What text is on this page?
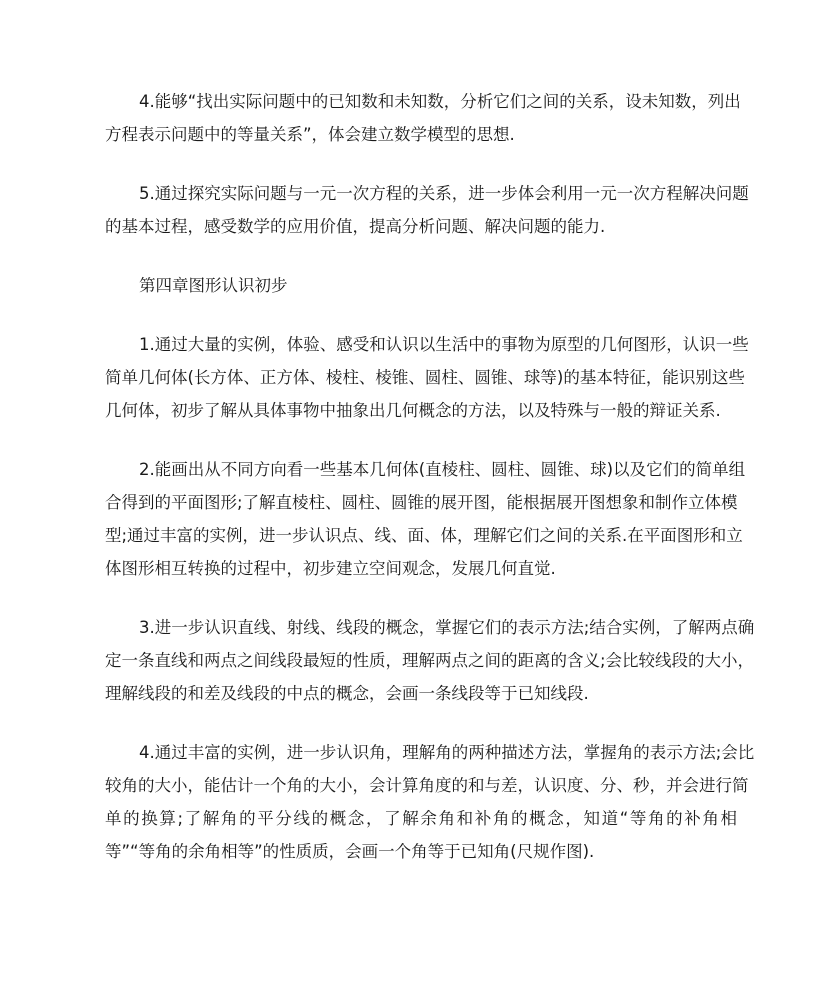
4.能够“找出实际问题中的已知数和未知数，分析它们之间的关系，设未知数，列出
方程表示问题中的等量关系”，体会建立数学模型的思想.
5.通过探究实际问题与一元一次方程的关系，进一步体会利用一元一次方程解决问题
的基本过程，感受数学的应用价值，提高分析问题、解决问题的能力.
第四章图形认识初步
1.通过大量的实例，体验、感受和认识以生活中的事物为原型的几何图形，认识一些
简单几何体(长方体、正方体、棱柱、棱锥、圆柱、圆锥、球等)的基本特征，能识别这些
几何体，初步了解从具体事物中抽象出几何概念的方法，以及特殊与一般的辩证关系.
2.能画出从不同方向看一些基本几何体(直棱柱、圆柱、圆锥、球)以及它们的简单组
合得到的平面图形;了解直棱柱、圆柱、圆锥的展开图，能根据展开图想象和制作立体模
型;通过丰富的实例，进一步认识点、线、面、体，理解它们之间的关系.在平面图形和立
体图形相互转换的过程中，初步建立空间观念，发展几何直觉.
3.进一步认识直线、射线、线段的概念，掌握它们的表示方法;结合实例，了解两点确
定一条直线和两点之间线段最短的性质，理解两点之间的距离的含义;会比较线段的大小，
理解线段的和差及线段的中点的概念，会画一条线段等于已知线段.
4.通过丰富的实例，进一步认识角，理解角的两种描述方法，掌握角的表示方法;会比
较角的大小，能估计一个角的大小，会计算角度的和与差，认识度、分、秒，并会进行简
单的换算;了解角的平分线的概念，了解余角和补角的概念，知道“等角的补角相
等”“等角的余角相等”的性质质，会画一个角等于已知角(尺规作图).
